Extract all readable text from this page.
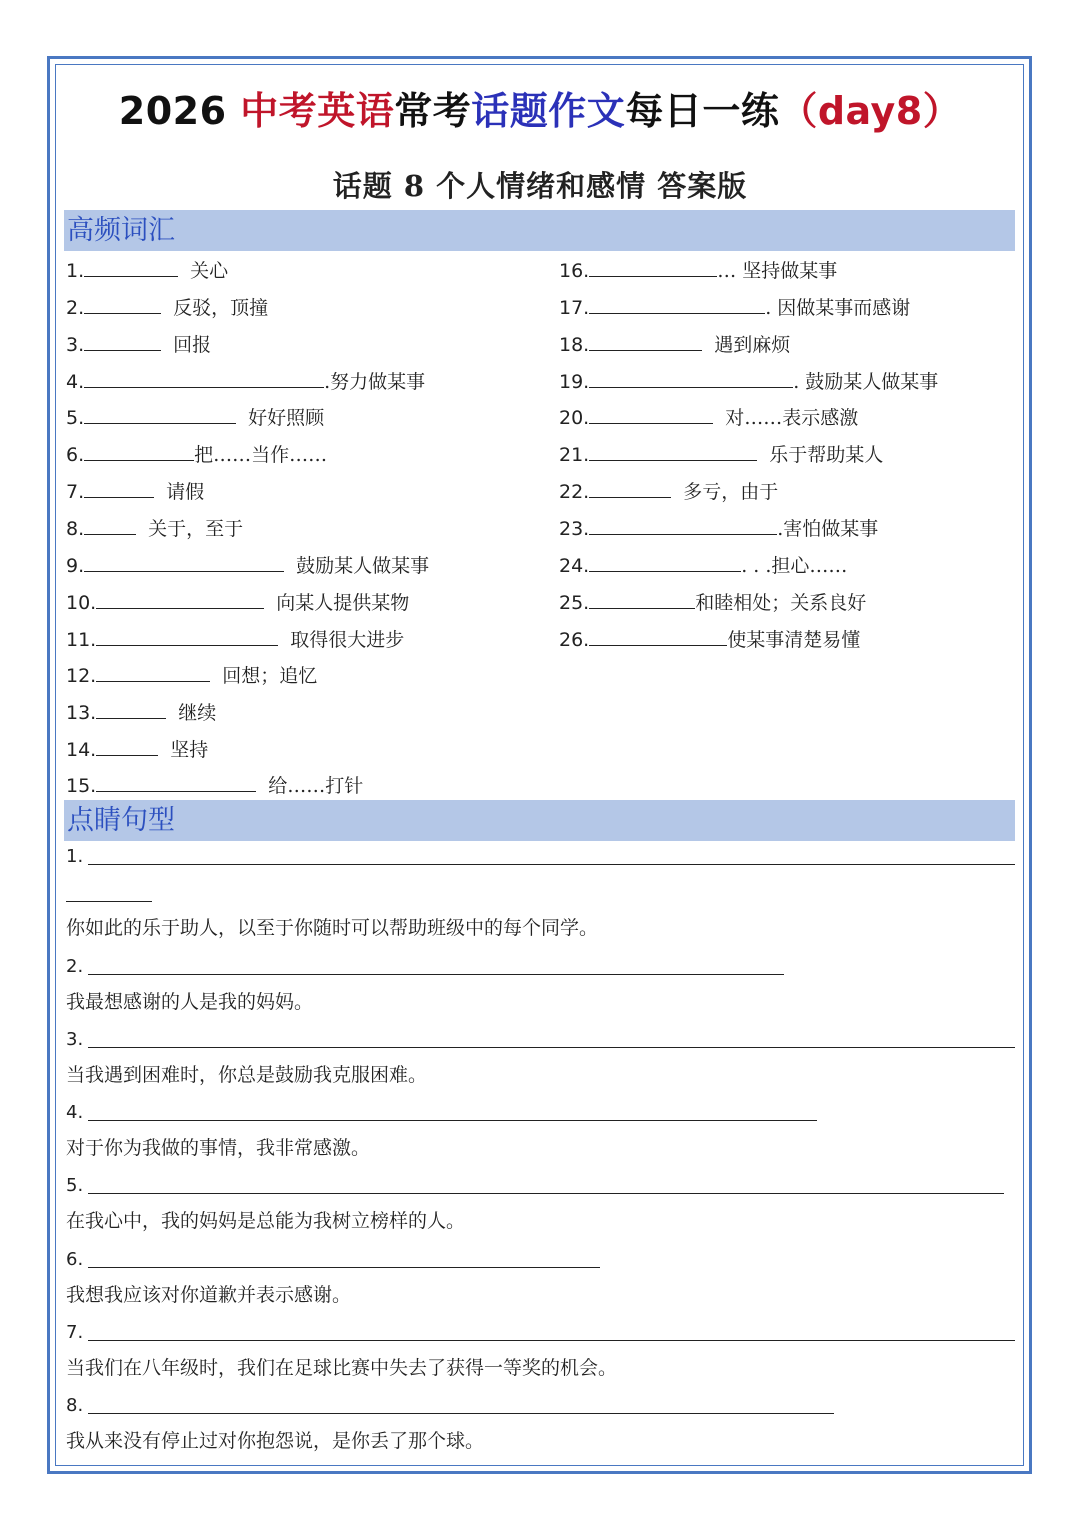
2026 中考英语常考话题作文每日一练（day8）
话题 8 个人情绪和感情 答案版
高频词汇
1.	关心
2.	反驳，顶撞
3.	回报
4.	.努力做某事
5.	好好照顾
6.	把……当作……
7.	请假
8.	关于，至于
9.	鼓励某人做某事
10.	向某人提供某物
11.	取得很大进步
12.	回想；追忆
13.	继续
14.	坚持
15.	给……打针
16.	… 坚持做某事
17.	. 因做某事而感谢
18.	遇到麻烦
19.	. 鼓励某人做某事
20.	对……表示感激
21.	乐于帮助某人
22.	多亏，由于
23.	.害怕做某事
24.	. . .担心……
25.	和睦相处；关系良好
26.	使某事清楚易懂
点睛句型
1.
你如此的乐于助人，以至于你随时可以帮助班级中的每个同学。
2.
我最想感谢的人是我的妈妈。
3.
当我遇到困难时，你总是鼓励我克服困难。
4.
对于你为我做的事情，我非常感激。
5.
在我心中，我的妈妈是总能为我树立榜样的人。
6.
我想我应该对你道歉并表示感谢。
7.
当我们在八年级时，我们在足球比赛中失去了获得一等奖的机会。
8.
我从来没有停止过对你抱怨说，是你丢了那个球。
